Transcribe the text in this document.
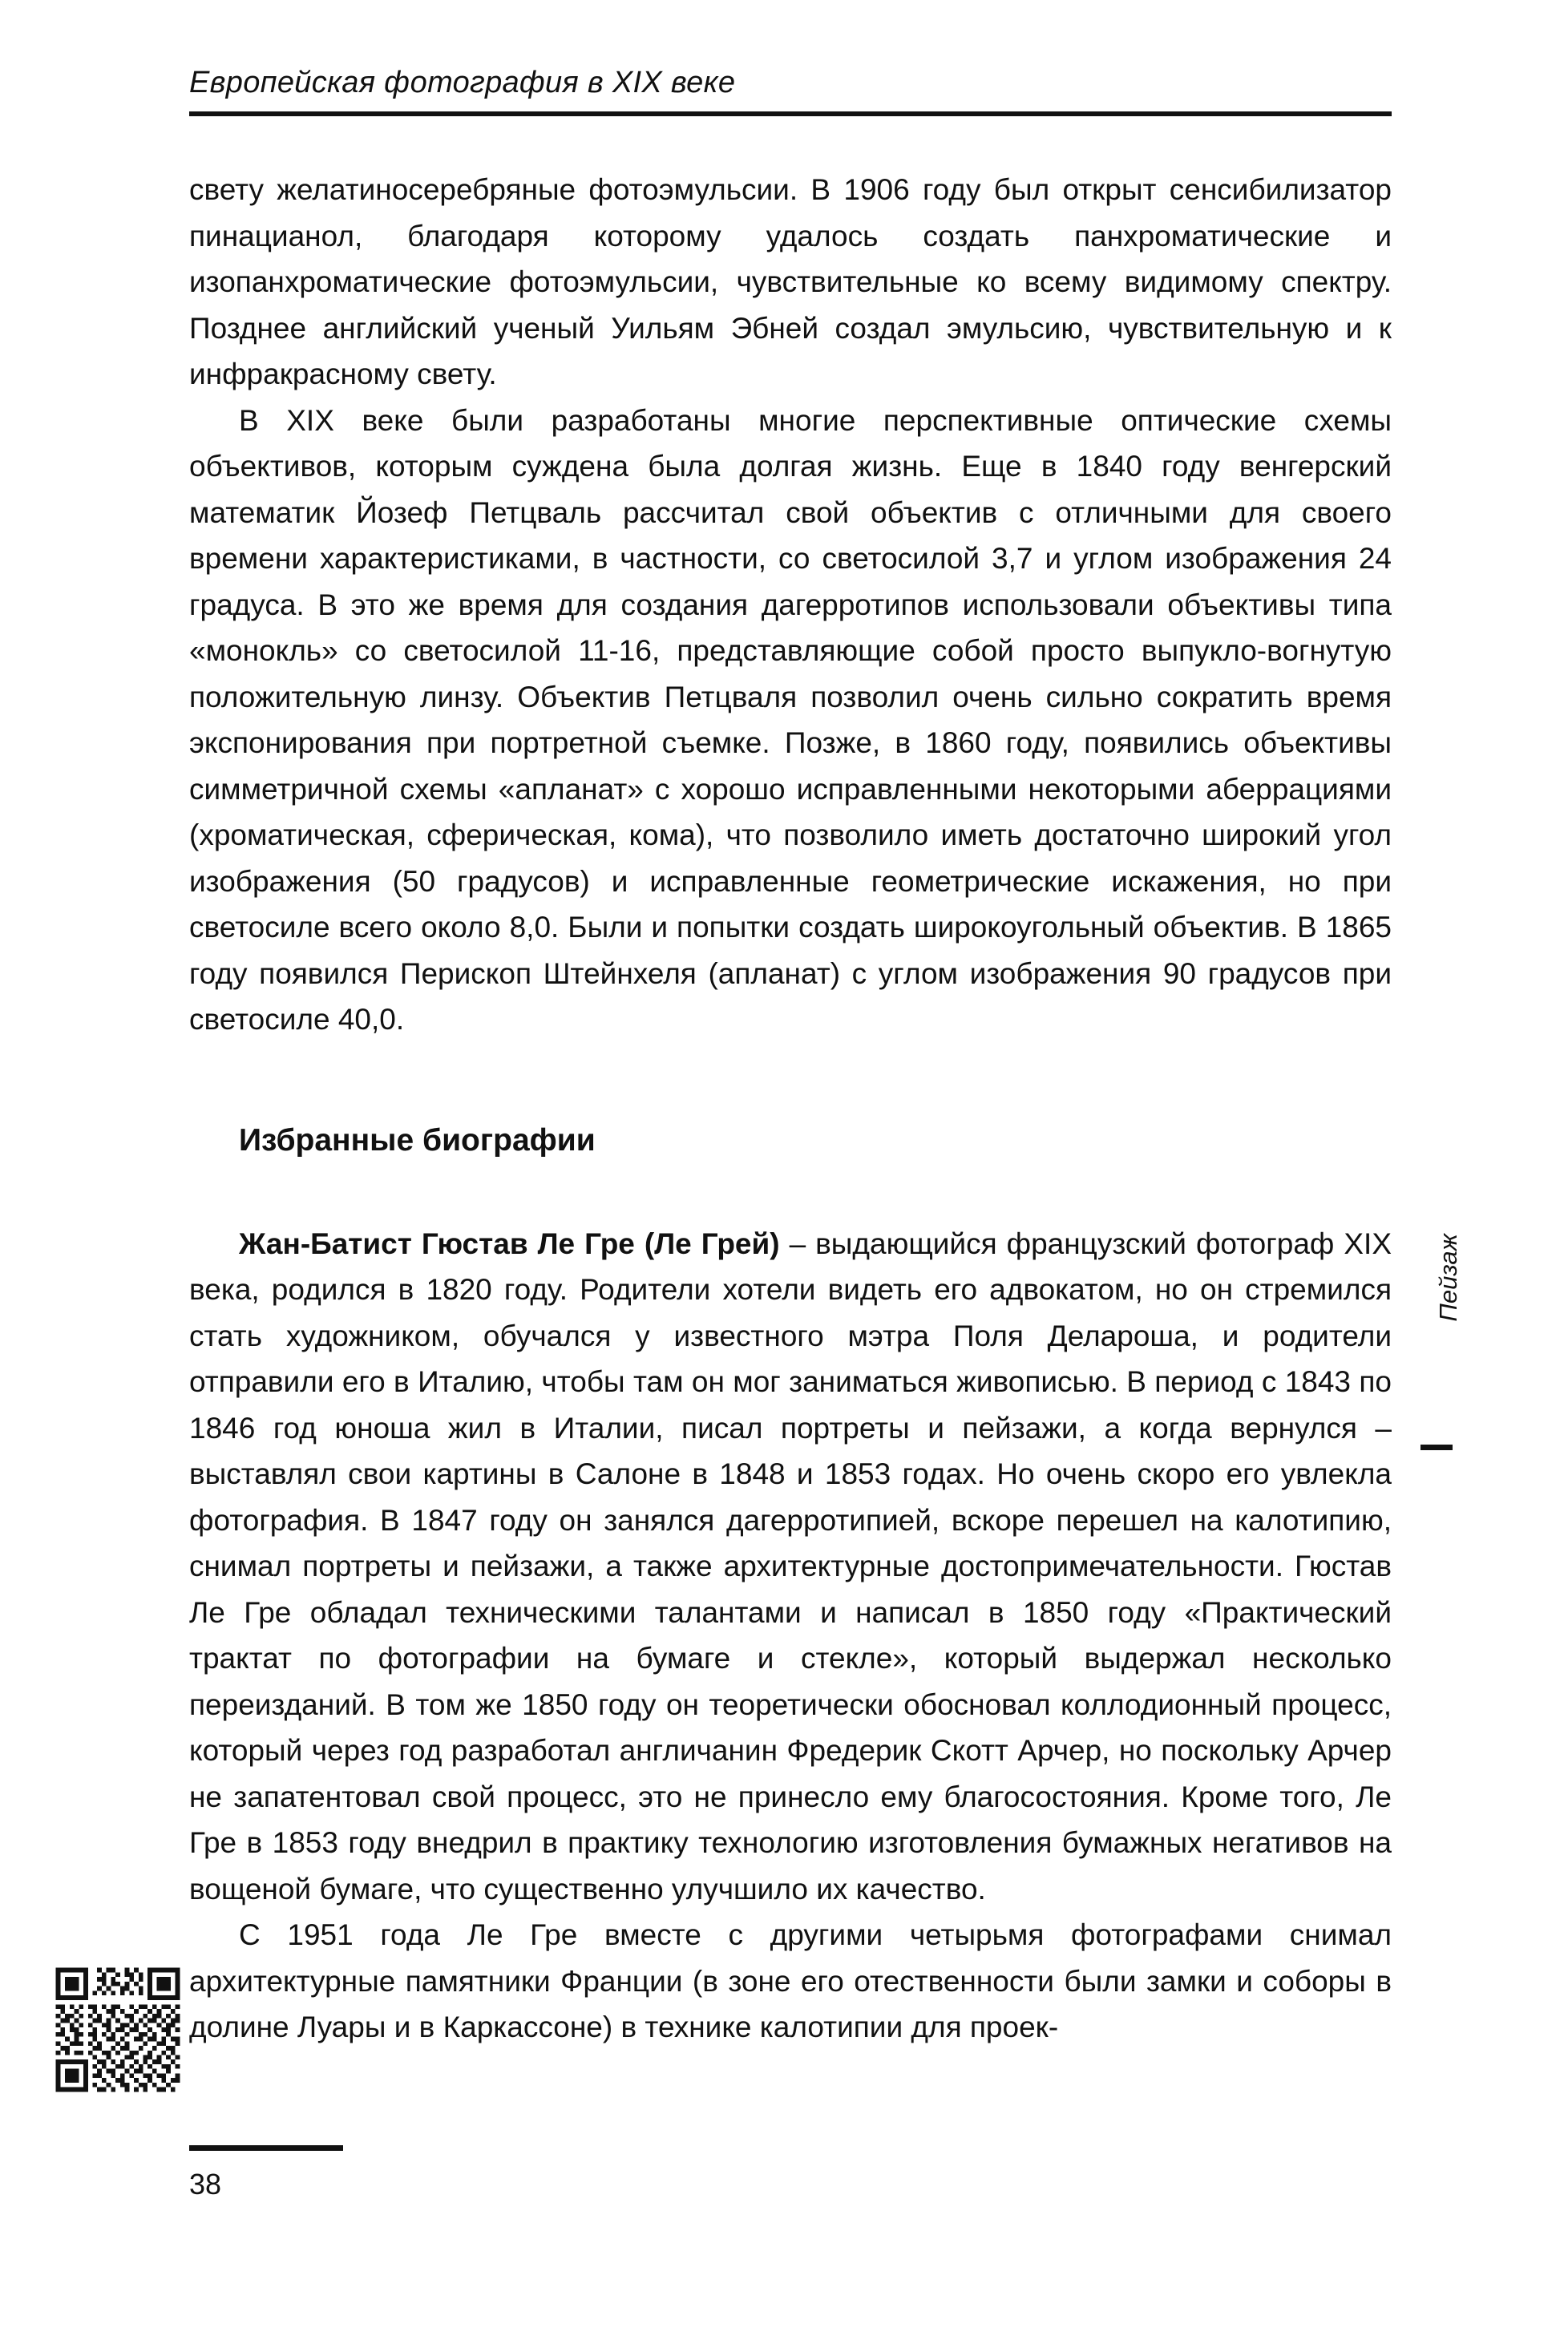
Европейская фотография в XIX веке

свету желатиносеребряные фотоэмульсии. В 1906 году был открыт сенсибилизатор пинацианол, благодаря которому удалось создать панхроматические и изопанхроматические фотоэмульсии, чувствительные ко всему видимому спектру. Позднее английский ученый Уильям Эбней создал эмульсию, чувствительную и к инфракрасному свету.

В XIX веке были разработаны многие перспективные оптические схемы объективов, которым суждена была долгая жизнь. Еще в 1840 году венгерский математик Йозеф Петцваль рассчитал свой объектив с отличными для своего времени характеристиками, в частности, со светосилой 3,7 и углом изображения 24 градуса. В это же время для создания дагерротипов использовали объективы типа «монокль» со светосилой 11-16, представляющие собой просто выпукло-вогнутую положительную линзу. Объектив Петцваля позволил очень сильно сократить время экспонирования при портретной съемке. Позже, в 1860 году, появились объективы симметричной схемы «апланат» с хорошо исправленными некоторыми аберрациями (хроматическая, сферическая, кома), что позволило иметь достаточно широкий угол изображения (50 градусов) и исправленные геометрические искажения, но при светосиле всего около 8,0. Были и попытки создать широкоугольный объектив. В 1865 году появился Перископ Штейнхеля (апланат) с углом изображения 90 градусов при светосиле 40,0.

Избранные биографии

Жан-Батист Гюстав Ле Гре (Ле Грей) – выдающийся французский фотограф XIX века, родился в 1820 году. Родители хотели видеть его адвокатом, но он стремился стать художником, обучался у известного мэтра Поля Делароша, и родители отправили его в Италию, чтобы там он мог заниматься живописью. В период с 1843 по 1846 год юноша жил в Италии, писал портреты и пейзажи, а когда вернулся – выставлял свои картины в Салоне в 1848 и 1853 годах. Но очень скоро его увлекла фотография. В 1847 году он занялся дагерротипией, вскоре перешел на калотипию, снимал портреты и пейзажи, а также архитектурные достопримечательности. Гюстав Ле Гре обладал техническими талантами и написал в 1850 году «Практический трактат по фотографии на бумаге и стекле», который выдержал несколько переизданий. В том же 1850 году он теоретически обосновал коллодионный процесс, который через год разработал англичанин Фредерик Скотт Арчер, но поскольку Арчер не запатентовал свой процесс, это не принесло ему благосостояния. Кроме того, Ле Гре в 1853 году внедрил в практику технологию изготовления бумажных негативов на вощеной бумаге, что существенно улучшило их качество.

С 1951 года Ле Гре вместе с другими четырьмя фотографами снимал архитектурные памятники Франции (в зоне его отественности были замки и соборы в долине Луары и в Каркассоне) в технике калотипии для проек-

Пейзаж
38
